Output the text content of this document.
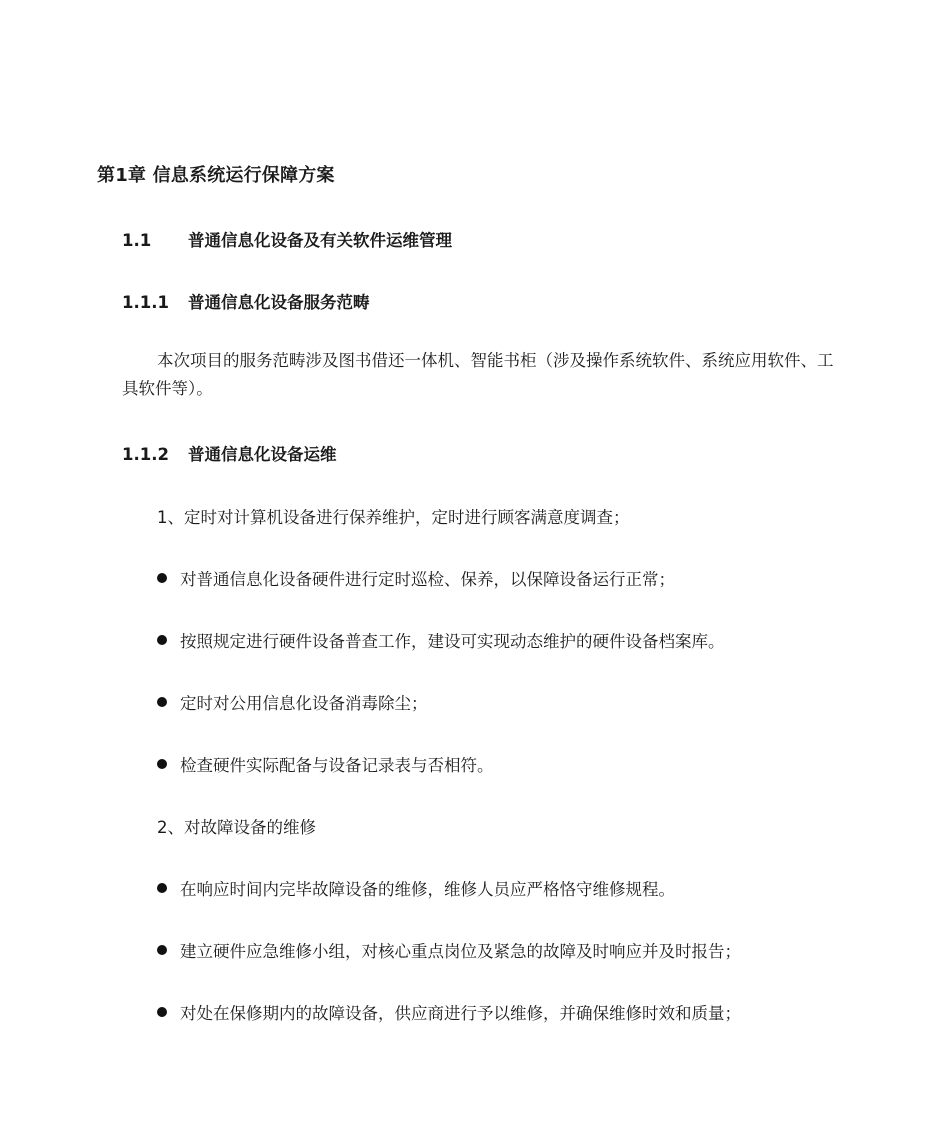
第1章 信息系统运行保障方案
1.1 普通信息化设备及有关软件运维管理
1.1.1 普通信息化设备服务范畴
本次项目的服务范畴涉及图书借还一体机、智能书柜（涉及操作系统软件、系统应用软件、工具软件等）。
1.1.2 普通信息化设备运维
1、定时对计算机设备进行保养维护，定时进行顾客满意度调查；
对普通信息化设备硬件进行定时巡检、保养，以保障设备运行正常；
按照规定进行硬件设备普查工作，建设可实现动态维护的硬件设备档案库。
定时对公用信息化设备消毒除尘；
检查硬件实际配备与设备记录表与否相符。
2、对故障设备的维修
在响应时间内完毕故障设备的维修，维修人员应严格恪守维修规程。
建立硬件应急维修小组，对核心重点岗位及紧急的故障及时响应并及时报告；
对处在保修期内的故障设备，供应商进行予以维修，并确保维修时效和质量；
